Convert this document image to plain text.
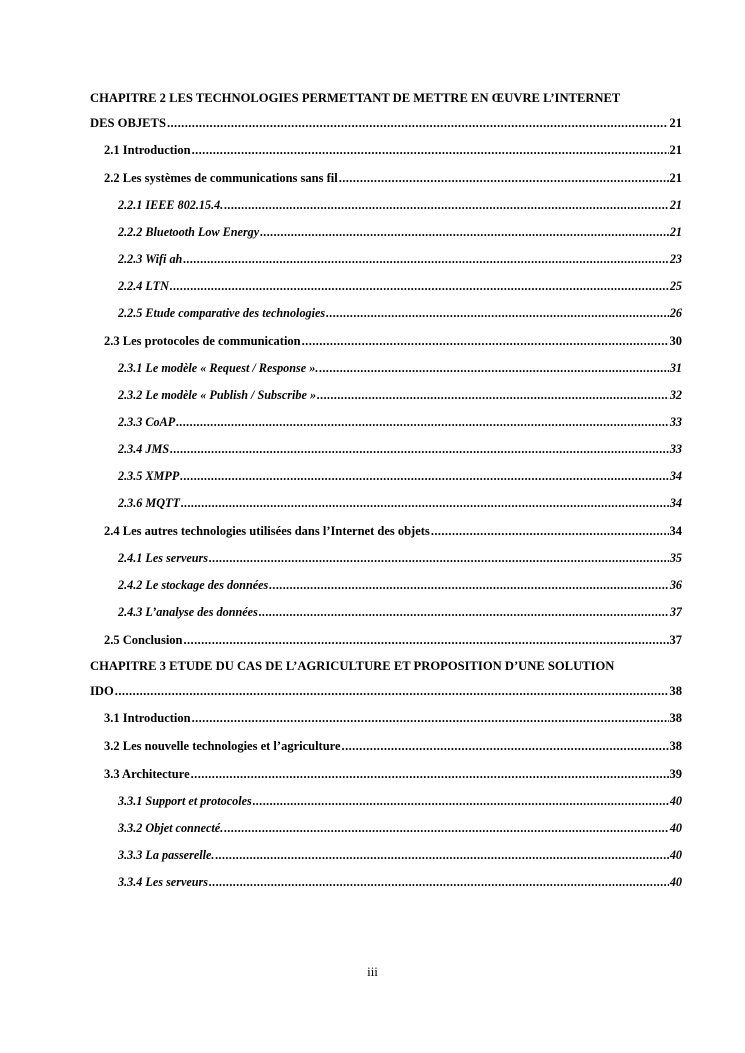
CHAPITRE 2 LES TECHNOLOGIES PERMETTANT DE METTRE EN ŒUVRE L’INTERNET
DES OBJETS .....	21
2.1 Introduction .....	21
2.2 Les systèmes de communications sans fil .....	21
2.2.1 IEEE 802.15.4. .....	21
2.2.2 Bluetooth Low Energy .....	21
2.2.3 Wifi ah .....	23
2.2.4 LTN .....	25
2.2.5 Etude comparative des technologies .....	26
2.3 Les protocoles de communication .....	30
2.3.1 Le modèle « Request / Response ». .....	31
2.3.2 Le modèle « Publish / Subscribe » .....	32
2.3.3 CoAP .....	33
2.3.4 JMS .....	33
2.3.5 XMPP .....	34
2.3.6 MQTT .....	34
2.4 Les autres technologies utilisées dans l’Internet des objets .....	34
2.4.1 Les serveurs .....	35
2.4.2 Le stockage des données .....	36
2.4.3 L’analyse des données .....	37
2.5 Conclusion .....	37
CHAPITRE 3 ETUDE DU CAS DE L’AGRICULTURE ET PROPOSITION D’UNE SOLUTION
IDO .....	38
3.1 Introduction .....	38
3.2 Les nouvelle technologies et l’agriculture .....	38
3.3 Architecture .....	39
3.3.1 Support et protocoles .....	40
3.3.2 Objet connecté. .....	40
3.3.3 La passerelle. .....	40
3.3.4 Les serveurs .....	40
iii
